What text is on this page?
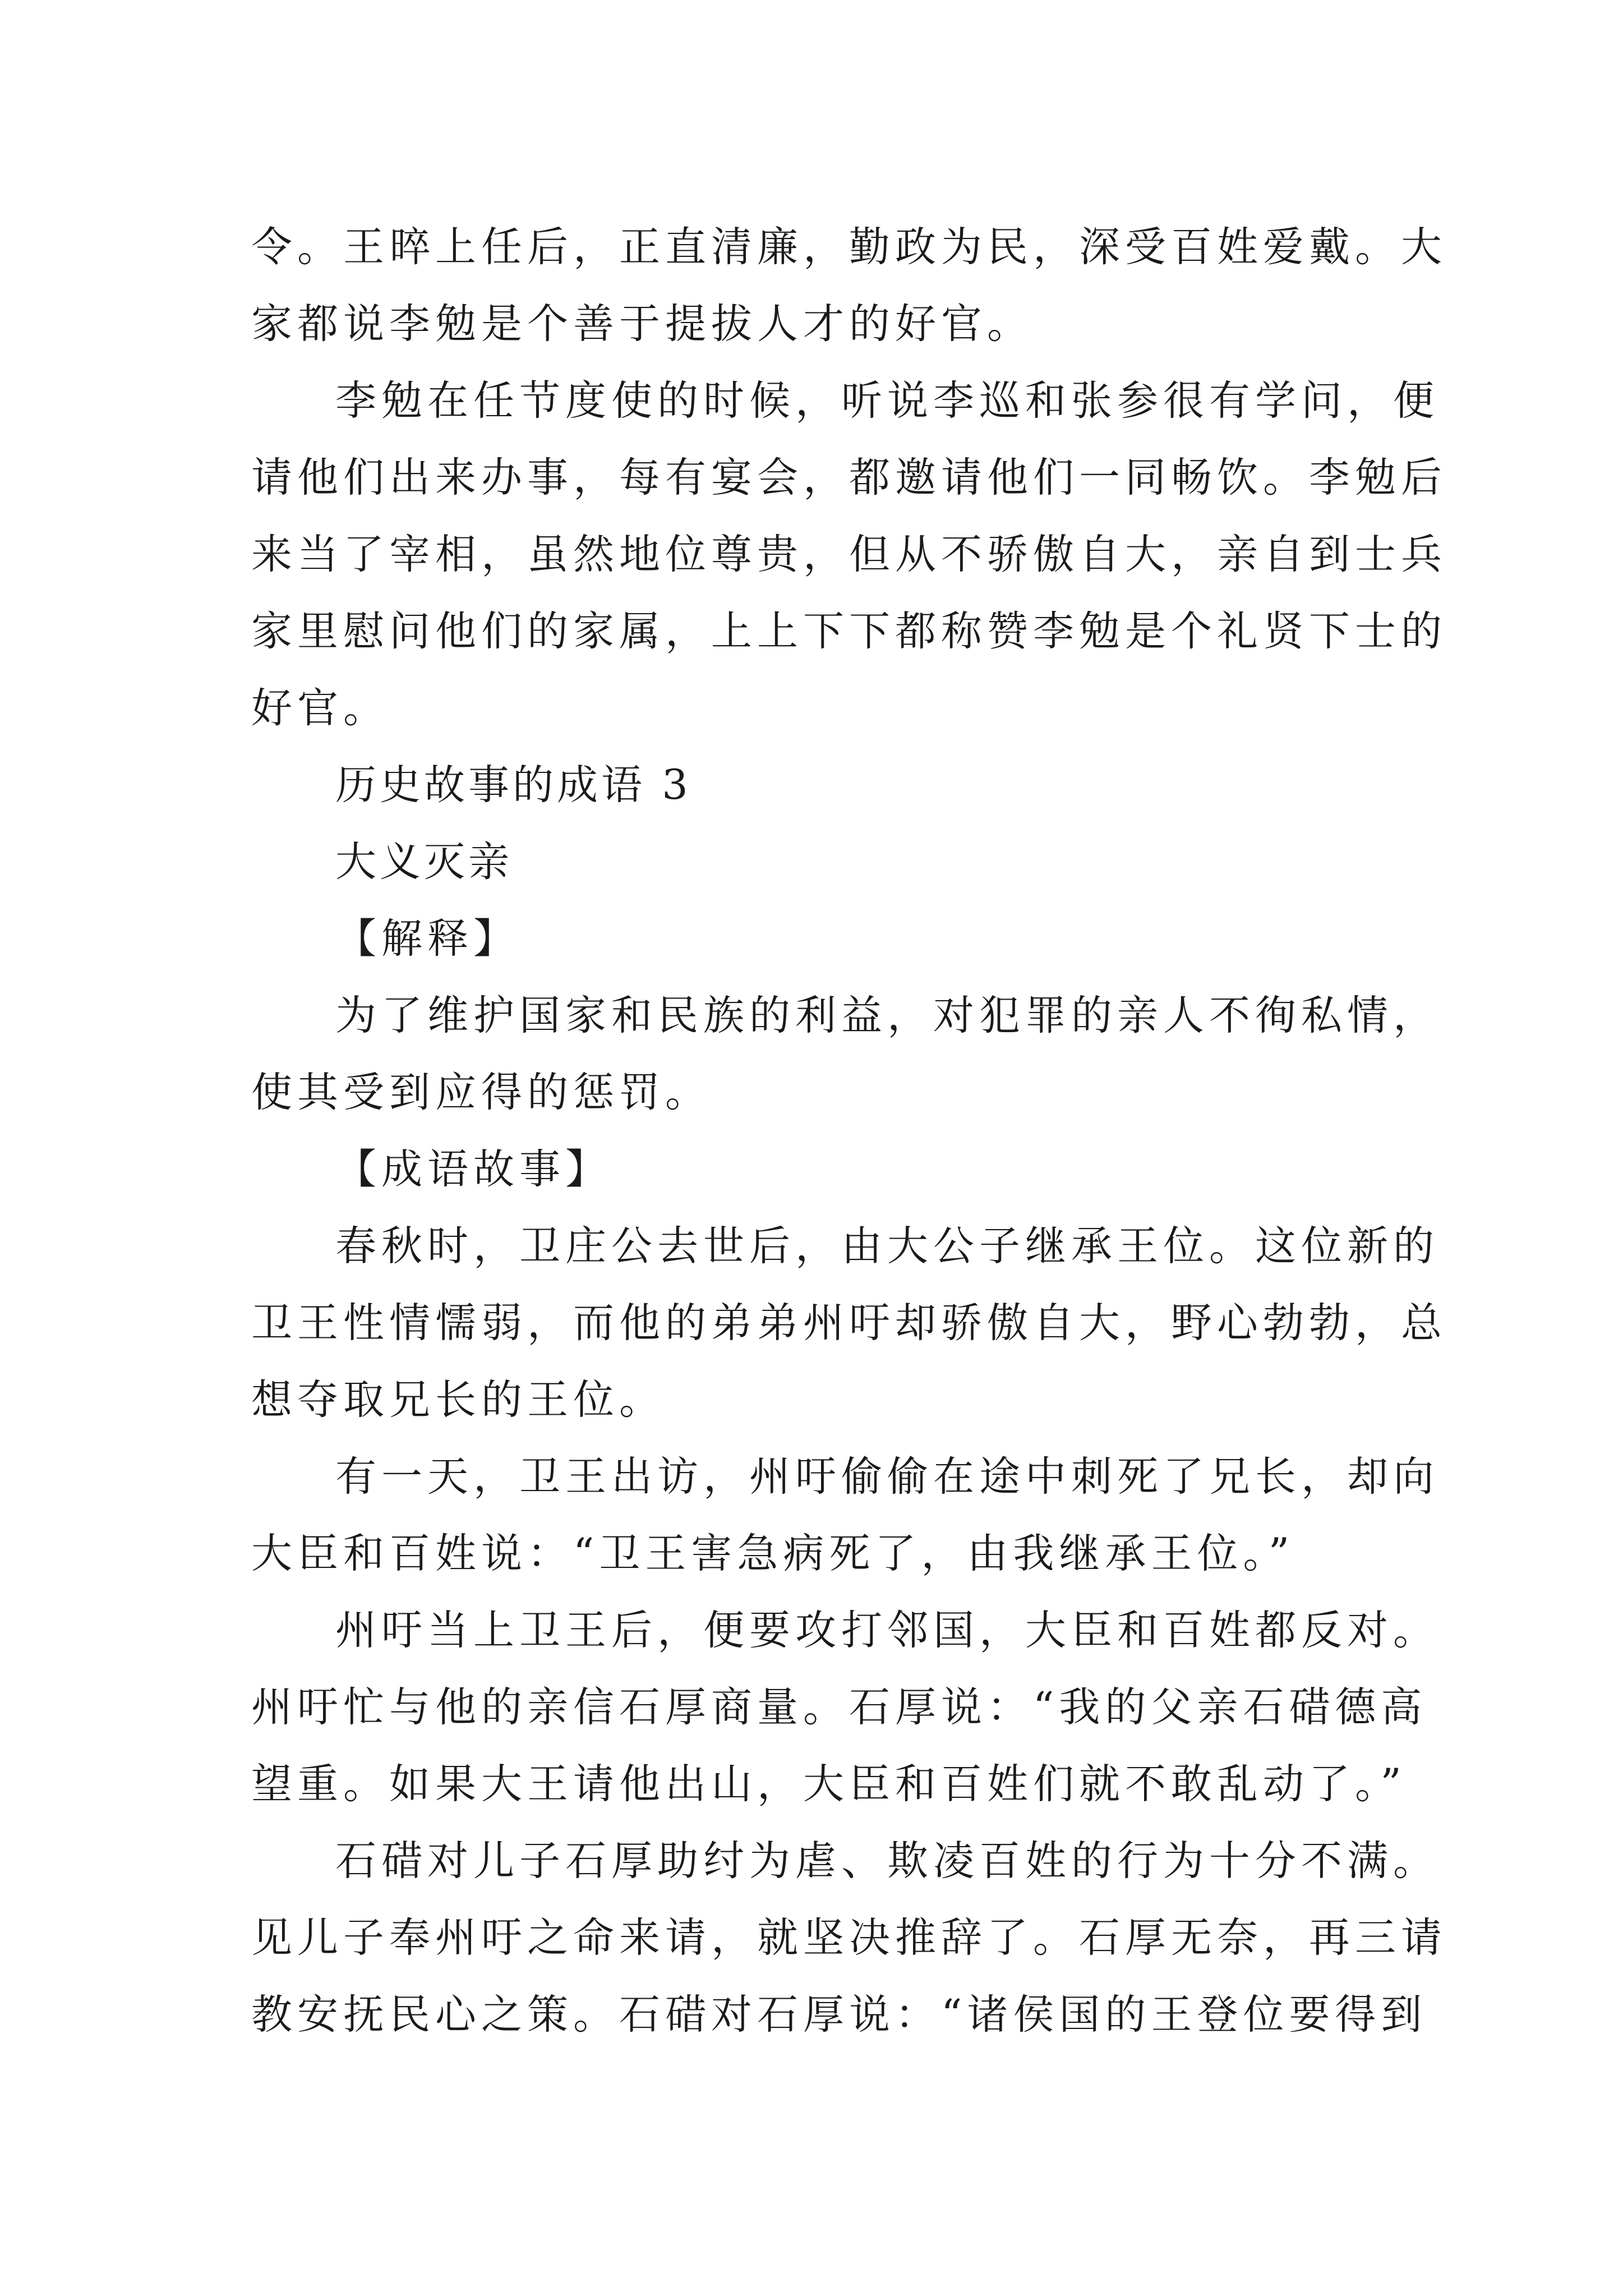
令。王晬上任后，正直清廉，勤政为民，深受百姓爱戴。大
家都说李勉是个善于提拔人才的好官。
李勉在任节度使的时候，听说李巡和张参很有学问，便
请他们出来办事，每有宴会，都邀请他们一同畅饮。李勉后
来当了宰相，虽然地位尊贵，但从不骄傲自大，亲自到士兵
家里慰问他们的家属，上上下下都称赞李勉是个礼贤下士的
好官。
历史故事的成语 3
大义灭亲
【解释】
为了维护国家和民族的利益，对犯罪的亲人不徇私情，
使其受到应得的惩罚。
【成语故事】
春秋时，卫庄公去世后，由大公子继承王位。这位新的
卫王性情懦弱，而他的弟弟州吁却骄傲自大，野心勃勃，总
想夺取兄长的王位。
有一天，卫王出访，州吁偷偷在途中刺死了兄长，却向
大臣和百姓说：“卫王害急病死了，由我继承王位。”
州吁当上卫王后，便要攻打邻国，大臣和百姓都反对。
州吁忙与他的亲信石厚商量。石厚说：“我的父亲石碏德高
望重。如果大王请他出山，大臣和百姓们就不敢乱动了。”
石碏对儿子石厚助纣为虐、欺凌百姓的行为十分不满。
见儿子奉州吁之命来请，就坚决推辞了。石厚无奈，再三请
教安抚民心之策。石碏对石厚说：“诸侯国的王登位要得到
